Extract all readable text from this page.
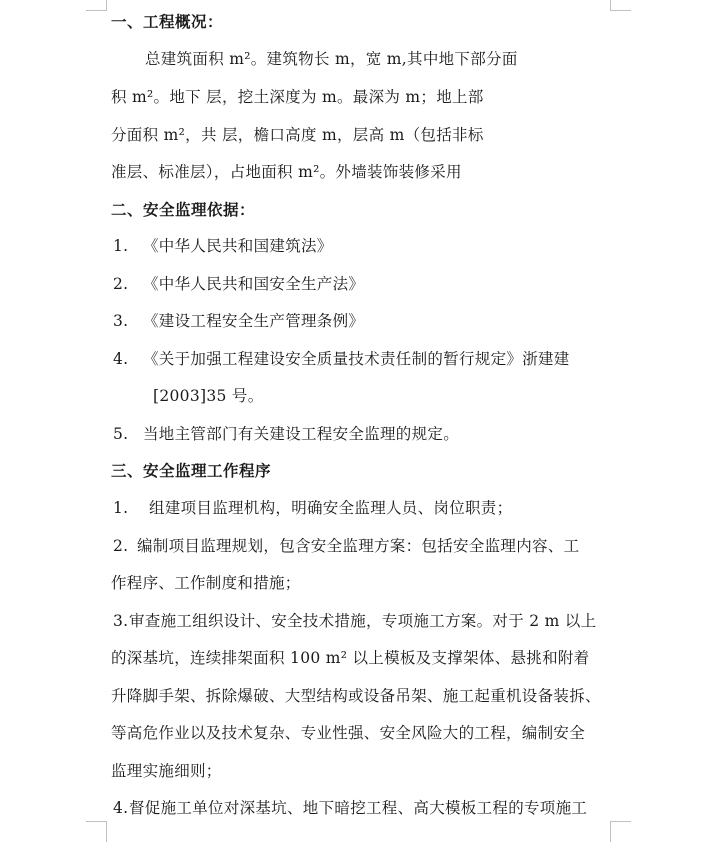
一、工程概况：
总建筑面积 m²。建筑物长 m，宽 m,其中地下部分面
积 m²。地下 层，挖土深度为 m。最深为 m；地上部
分面积 m²，共 层，檐口高度 m，层高 m（包括非标
准层、标准层），占地面积 m²。外墙装饰装修采用
二、安全监理依据：
1. 《中华人民共和国建筑法》
2. 《中华人民共和国安全生产法》
3. 《建设工程安全生产管理条例》
4. 《关于加强工程建设安全质量技术责任制的暂行规定》浙建建
[2003]35 号。
5. 当地主管部门有关建设工程安全监理的规定。
三、安全监理工作程序
1. 组建项目监理机构，明确安全监理人员、岗位职责；
2. 编制项目监理规划，包含安全监理方案：包括安全监理内容、工
作程序、工作制度和措施；
3.审查施工组织设计、安全技术措施，专项施工方案。对于 2 m 以上
的深基坑，连续排架面积 100 m² 以上模板及支撑架体、悬挑和附着
升降脚手架、拆除爆破、大型结构或设备吊架、施工起重机设备装拆、
等高危作业以及技术复杂、专业性强、安全风险大的工程，编制安全
监理实施细则；
4.督促施工单位对深基坑、地下暗挖工程、高大模板工程的专项施工
